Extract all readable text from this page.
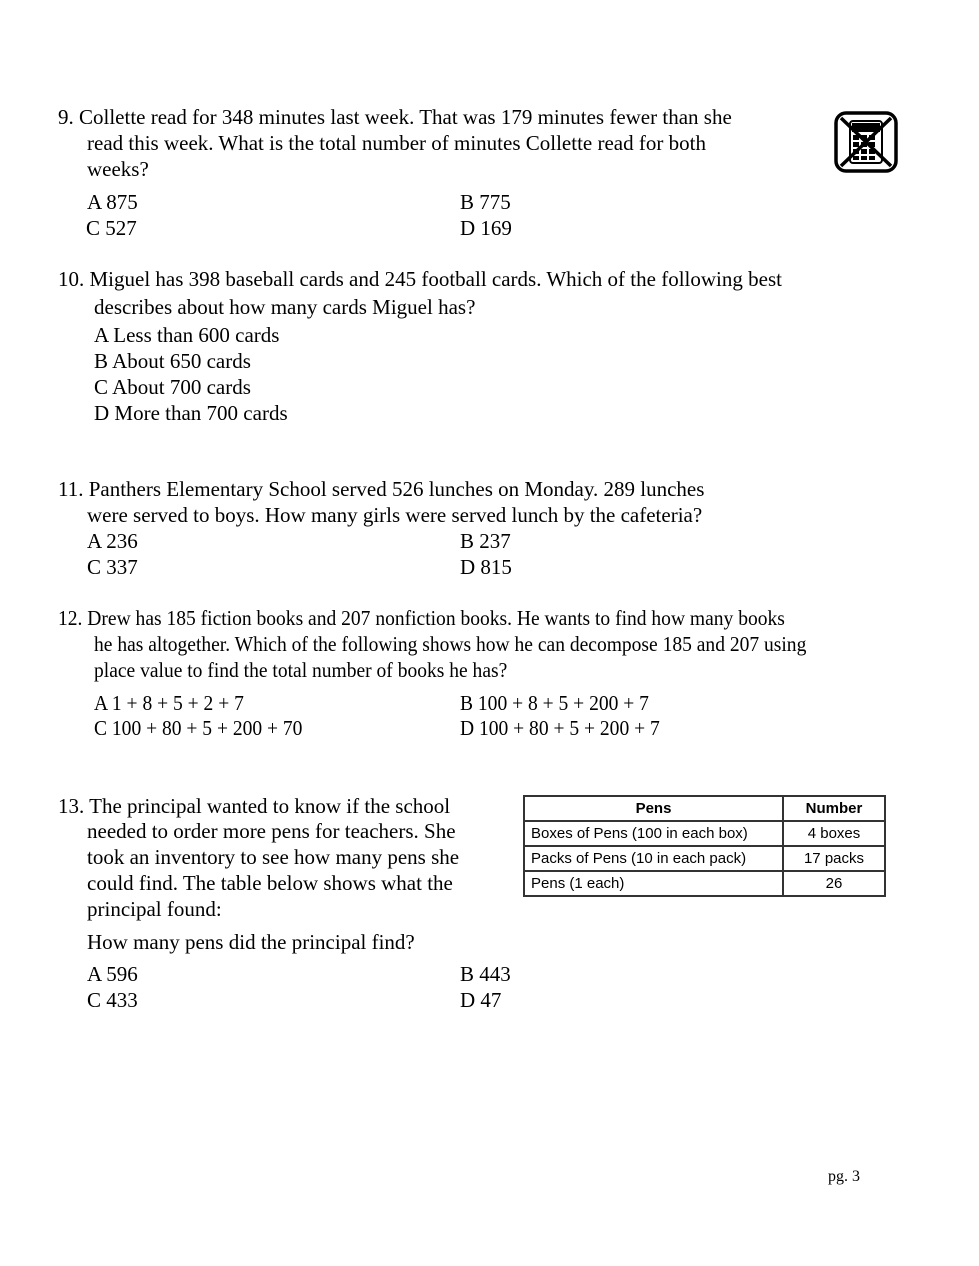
9. Collette read for 348 minutes last week. That was 179 minutes fewer than she
read this week. What is the total number of minutes Collette read for both
weeks?
A 875	B 775
C 527	D 169
10. Miguel has 398 baseball cards and 245 football cards. Which of the following best
describes about how many cards Miguel has?
A Less than 600 cards
B About 650 cards
C About 700 cards
D More than 700 cards
11. Panthers Elementary School served 526 lunches on Monday. 289 lunches
were served to boys. How many girls were served lunch by the cafeteria?
A 236	B 237
C 337	D 815
12. Drew has 185 fiction books and 207 nonfiction books. He wants to find how many books
he has altogether. Which of the following shows how he can decompose 185 and 207 using
place value to find the total number of books he has?
A 1 + 8 + 5 + 2 + 7	B 100 + 8 + 5 + 200 + 7
C 100 + 80 + 5 + 200 + 70	D 100 + 80 + 5 + 200 + 7
13. The principal wanted to know if the school
needed to order more pens for teachers. She
took an inventory to see how many pens she
could find. The table below shows what the
principal found:
How many pens did the principal find?
A 596	B 443
C 433	D 47
Pens	Number
Boxes of Pens (100 in each box)	4 boxes
Packs of Pens (10 in each pack)	17 packs
Pens (1 each)	26
pg. 3
